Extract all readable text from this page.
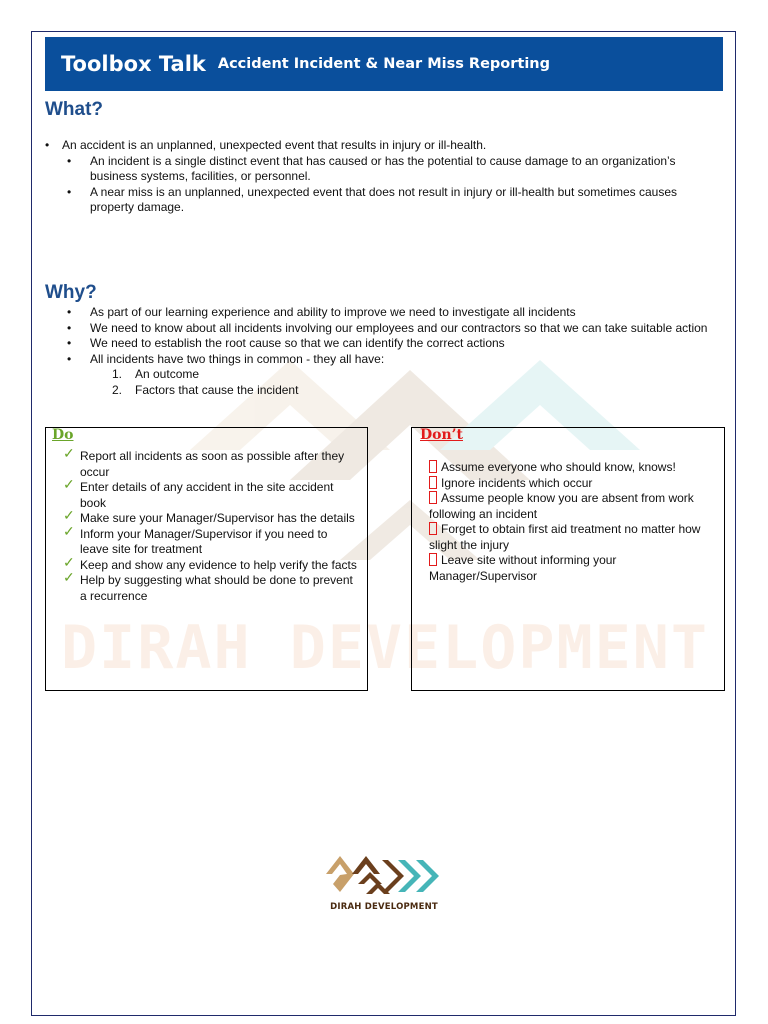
DIRAH DEVELOPMENT
Toolbox Talk Accident Incident & Near Miss Reporting
What?
• An accident is an unplanned, unexpected event that results in injury or ill-health.
• An incident is a single distinct event that has caused or has the potential to cause damage to an organization’s business systems, facilities, or personnel.
• A near miss is an unplanned, unexpected event that does not result in injury or ill-health but sometimes causes property damage.
Why?
• As part of our learning experience and ability to improve we need to investigate all incidents
• We need to know about all incidents involving our employees and our contractors so that we can take suitable action
• We need to establish the root cause so that we can identify the correct actions
• All incidents have two things in common - they all have:
1. An outcome
2. Factors that cause the incident
Do
✓ Report all incidents as soon as possible after they occur
✓ Enter details of any accident in the site accident book
✓ Make sure your Manager/Supervisor has the details
✓ Inform your Manager/Supervisor if you need to leave site for treatment
✓ Keep and show any evidence to help verify the facts
✓ Help by suggesting what should be done to prevent a recurrence
Don’t
Assume everyone who should know, knows!
Ignore incidents which occur
Assume people know you are absent from work following an incident
Forget to obtain first aid treatment no matter how slight the injury
Leave site without informing your Manager/Supervisor
DIRAH DEVELOPMENT
